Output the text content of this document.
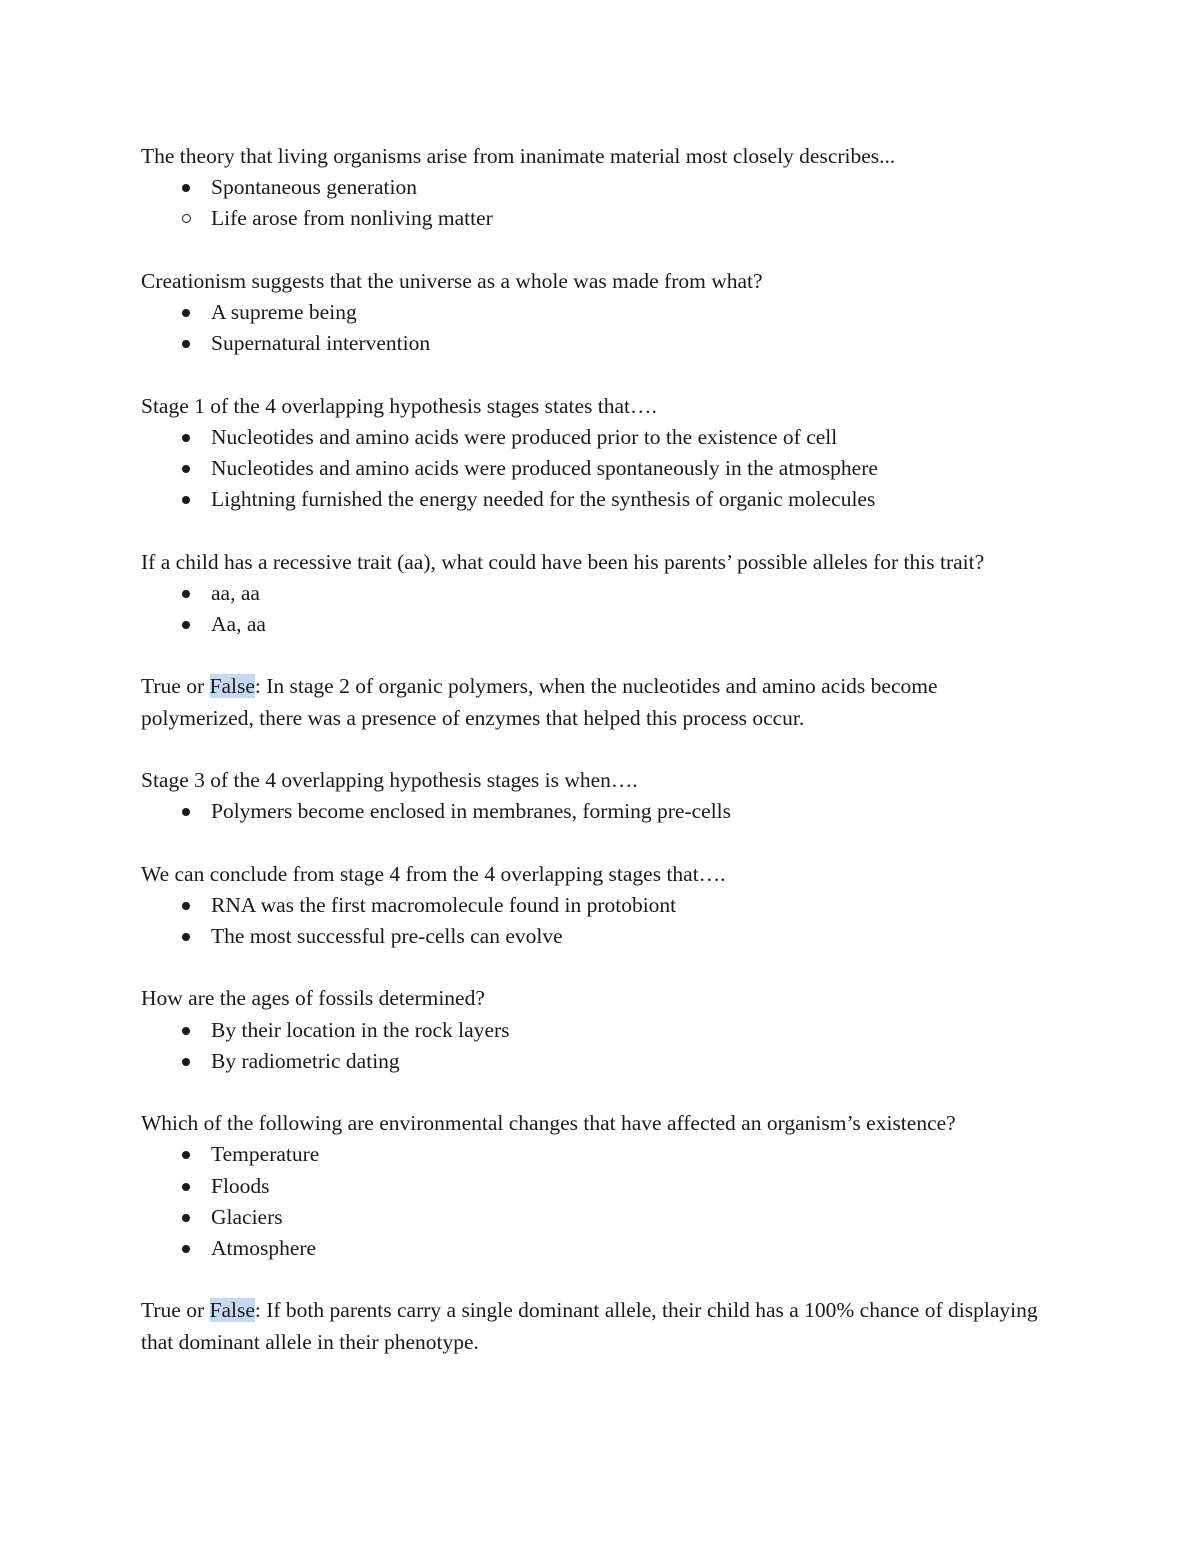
The theory that living organisms arise from inanimate material most closely describes...

Spontaneous generation
Life arose from nonliving matter

Creationism suggests that the universe as a whole was made from what?

A supreme being
Supernatural intervention

Stage 1 of the 4 overlapping hypothesis stages states that….

Nucleotides and amino acids were produced prior to the existence of cell
Nucleotides and amino acids were produced spontaneously in the atmosphere
Lightning furnished the energy needed for the synthesis of organic molecules

If a child has a recessive trait (aa), what could have been his parents’ possible alleles for this trait?

aa, aa
Aa, aa

True or False: In stage 2 of organic polymers, when the nucleotides and amino acids become polymerized, there was a presence of enzymes that helped this process occur.

Stage 3 of the 4 overlapping hypothesis stages is when….

Polymers become enclosed in membranes, forming pre-cells

We can conclude from stage 4 from the 4 overlapping stages that….

RNA was the first macromolecule found in protobiont
The most successful pre-cells can evolve

How are the ages of fossils determined?

By their location in the rock layers
By radiometric dating

Which of the following are environmental changes that have affected an organism’s existence?

Temperature
Floods
Glaciers
Atmosphere

True or False: If both parents carry a single dominant allele, their child has a 100% chance of displaying that dominant allele in their phenotype.
